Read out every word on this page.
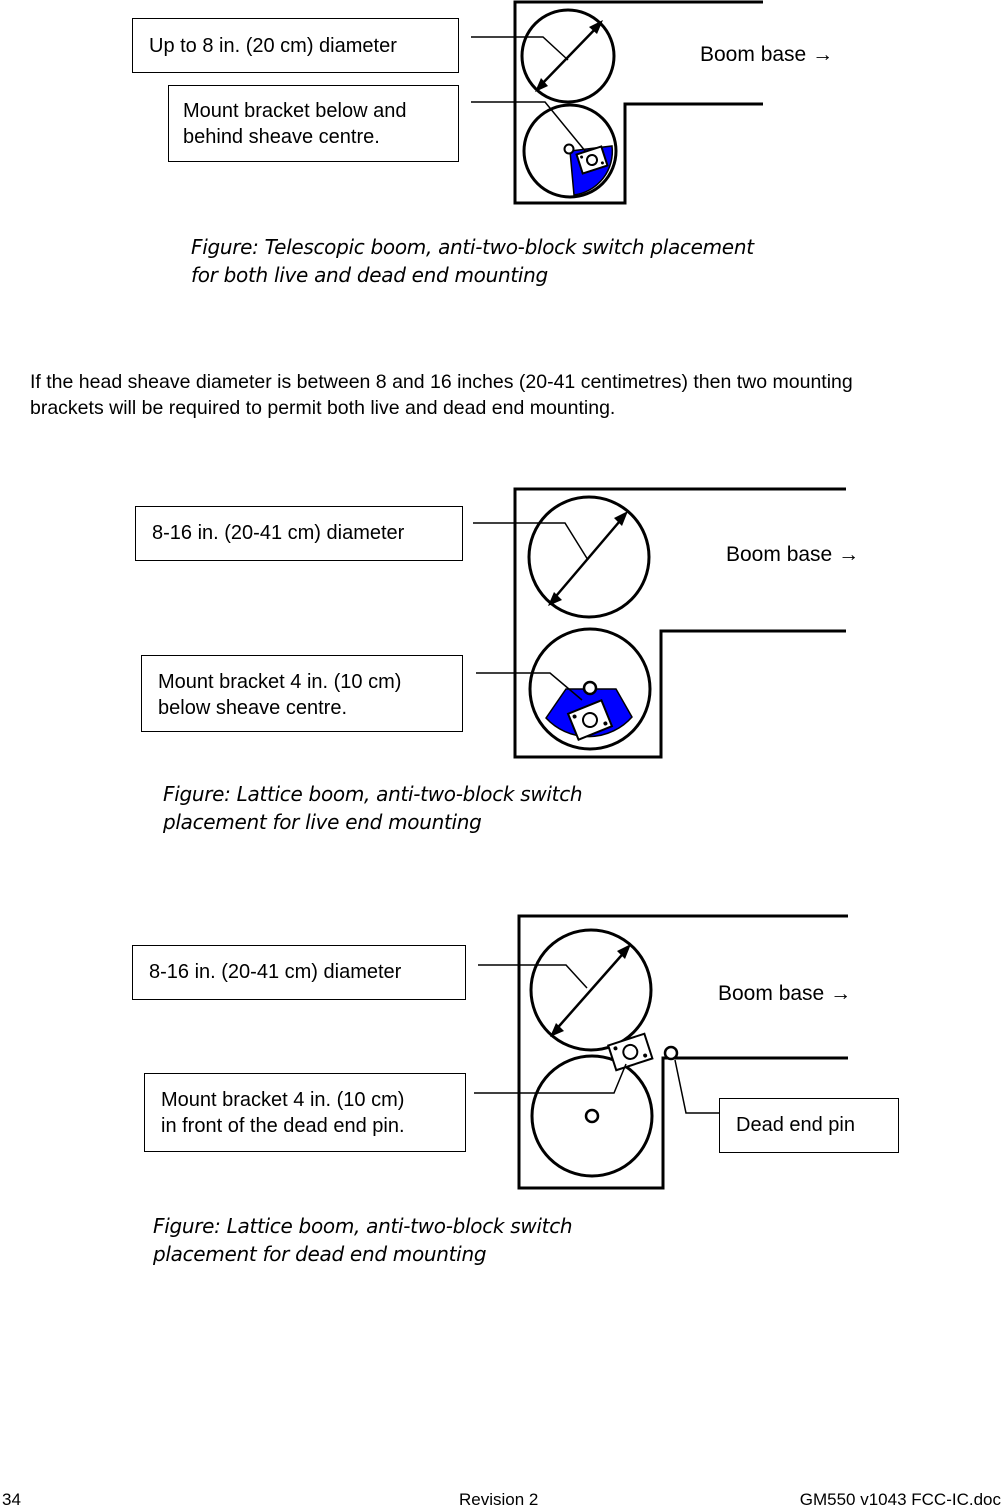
Up to 8 in. (20 cm) diameter
Mount bracket below and
behind sheave centre.
Boom base →
Figure: Telescopic boom, anti-two-block switch placement
for both live and dead end mounting
If the head sheave diameter is between 8 and 16 inches (20-41 centimetres) then two mounting
brackets will be required to permit both live and dead end mounting.
8-16 in. (20-41 cm) diameter
Mount bracket 4 in. (10 cm)
below sheave centre.
Boom base →
Figure: Lattice boom, anti-two-block switch
placement for live end mounting
8-16 in. (20-41 cm) diameter
Mount bracket 4 in. (10 cm)
in front of the dead end pin.	Dead end pin
Boom base →
Figure: Lattice boom, anti-two-block switch
placement for dead end mounting
34	Revision 2	GM550 v1043 FCC-IC.doc
